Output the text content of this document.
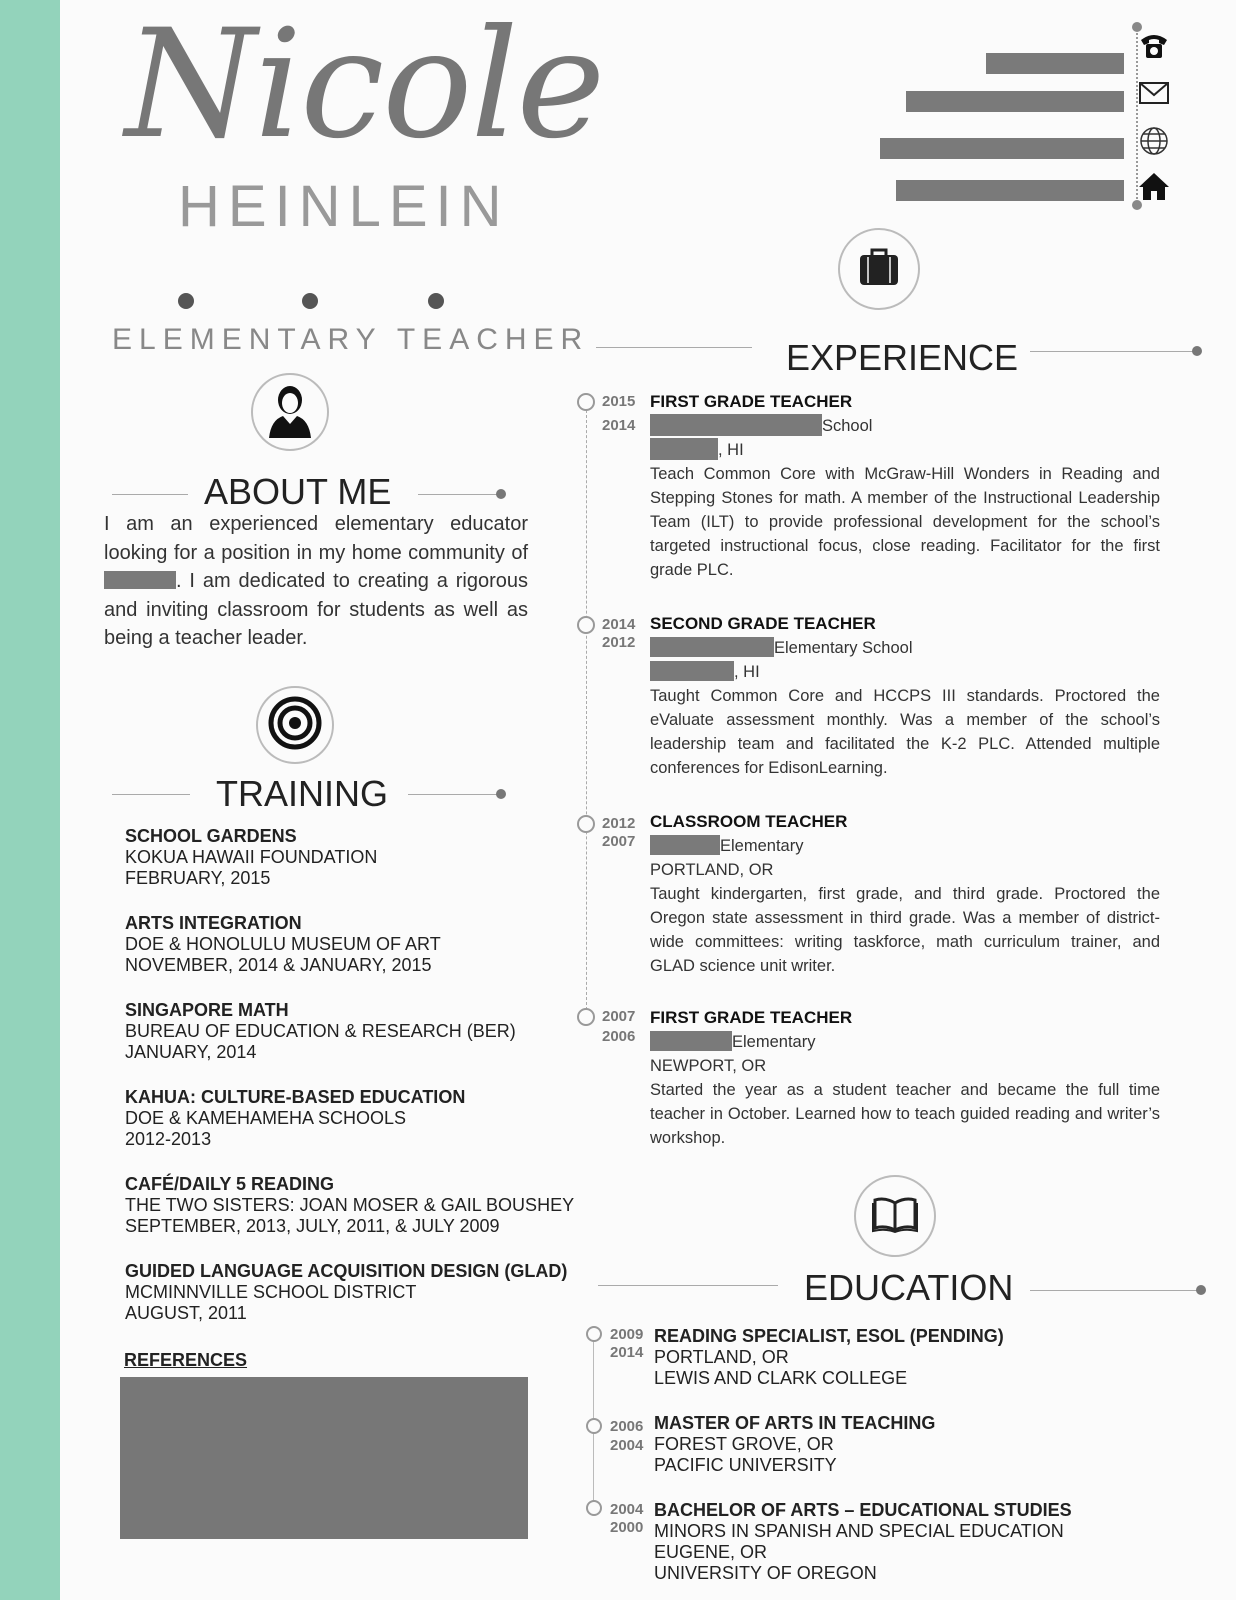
Nicole
HEINLEIN
ELEMENTARY TEACHER
ABOUT ME
I am an experienced elementary educator looking for a position in my home community of . I am dedicated to creating a rigorous and inviting classroom for students as well as being a teacher leader.
TRAINING
SCHOOL GARDENS
KOKUA HAWAII FOUNDATION
FEBRUARY, 2015
ARTS INTEGRATION
DOE & HONOLULU MUSEUM OF ART
NOVEMBER, 2014 & JANUARY, 2015
SINGAPORE MATH
BUREAU OF EDUCATION & RESEARCH (BER)
JANUARY, 2014
KAHUA: CULTURE-BASED EDUCATION
DOE & KAMEHAMEHA SCHOOLS
2012-2013
CAFÉ/DAILY 5 READING
THE TWO SISTERS: JOAN MOSER & GAIL BOUSHEY
SEPTEMBER, 2013, JULY, 2011, & JULY 2009
GUIDED LANGUAGE ACQUISITION DESIGN (GLAD)
MCMINNVILLE SCHOOL DISTRICT
AUGUST, 2011
REFERENCES
EXPERIENCE
2015
2014
FIRST GRADE TEACHER
School
, HI
Teach Common Core with McGraw-Hill Wonders in Reading and Stepping Stones for math. A member of the Instructional Leadership Team (ILT) to provide professional development for the school’s targeted instructional focus, close reading. Facilitator for the first grade PLC.
2014
2012
SECOND GRADE TEACHER
Elementary School
, HI
Taught Common Core and HCCPS III standards. Proctored the eValuate assessment monthly. Was a member of the school’s leadership team and facilitated the K-2 PLC. Attended multiple conferences for EdisonLearning.
2012
2007
CLASSROOM TEACHER
Elementary
PORTLAND, OR
Taught kindergarten, first grade, and third grade. Proctored the Oregon state assessment in third grade. Was a member of district-wide committees: writing taskforce, math curriculum trainer, and GLAD science unit writer.
2007
2006
FIRST GRADE TEACHER
Elementary
NEWPORT, OR
Started the year as a student teacher and became the full time teacher in October. Learned how to teach guided reading and writer’s workshop.
EDUCATION
2009
2014
READING SPECIALIST, ESOL (PENDING)
PORTLAND, OR
LEWIS AND CLARK COLLEGE
2006
2004
MASTER OF ARTS IN TEACHING
FOREST GROVE, OR
PACIFIC UNIVERSITY
2004
2000
BACHELOR OF ARTS – EDUCATIONAL STUDIES
MINORS IN SPANISH AND SPECIAL EDUCATION
EUGENE, OR
UNIVERSITY OF OREGON
